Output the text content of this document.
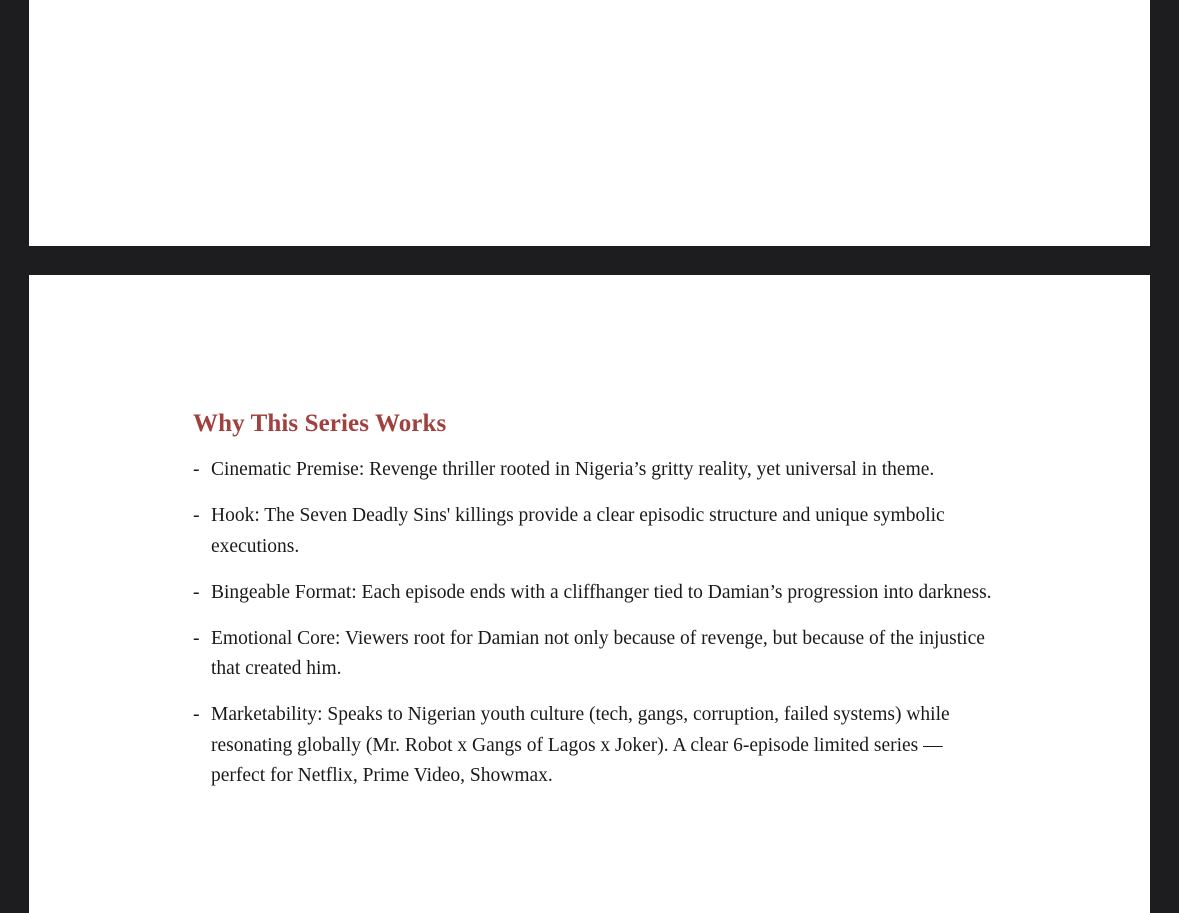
Why This Series Works
- Cinematic Premise: Revenge thriller rooted in Nigeria’s gritty reality, yet universal in theme.
- Hook: The Seven Deadly Sins' killings provide a clear episodic structure and unique symbolic executions.
- Bingeable Format: Each episode ends with a cliffhanger tied to Damian’s progression into darkness.
- Emotional Core: Viewers root for Damian not only because of revenge, but because of the injustice that created him.
- Marketability: Speaks to Nigerian youth culture (tech, gangs, corruption, failed systems) while resonating globally (Mr. Robot x Gangs of Lagos x Joker). A clear 6-episode limited series — perfect for Netflix, Prime Video, Showmax.
